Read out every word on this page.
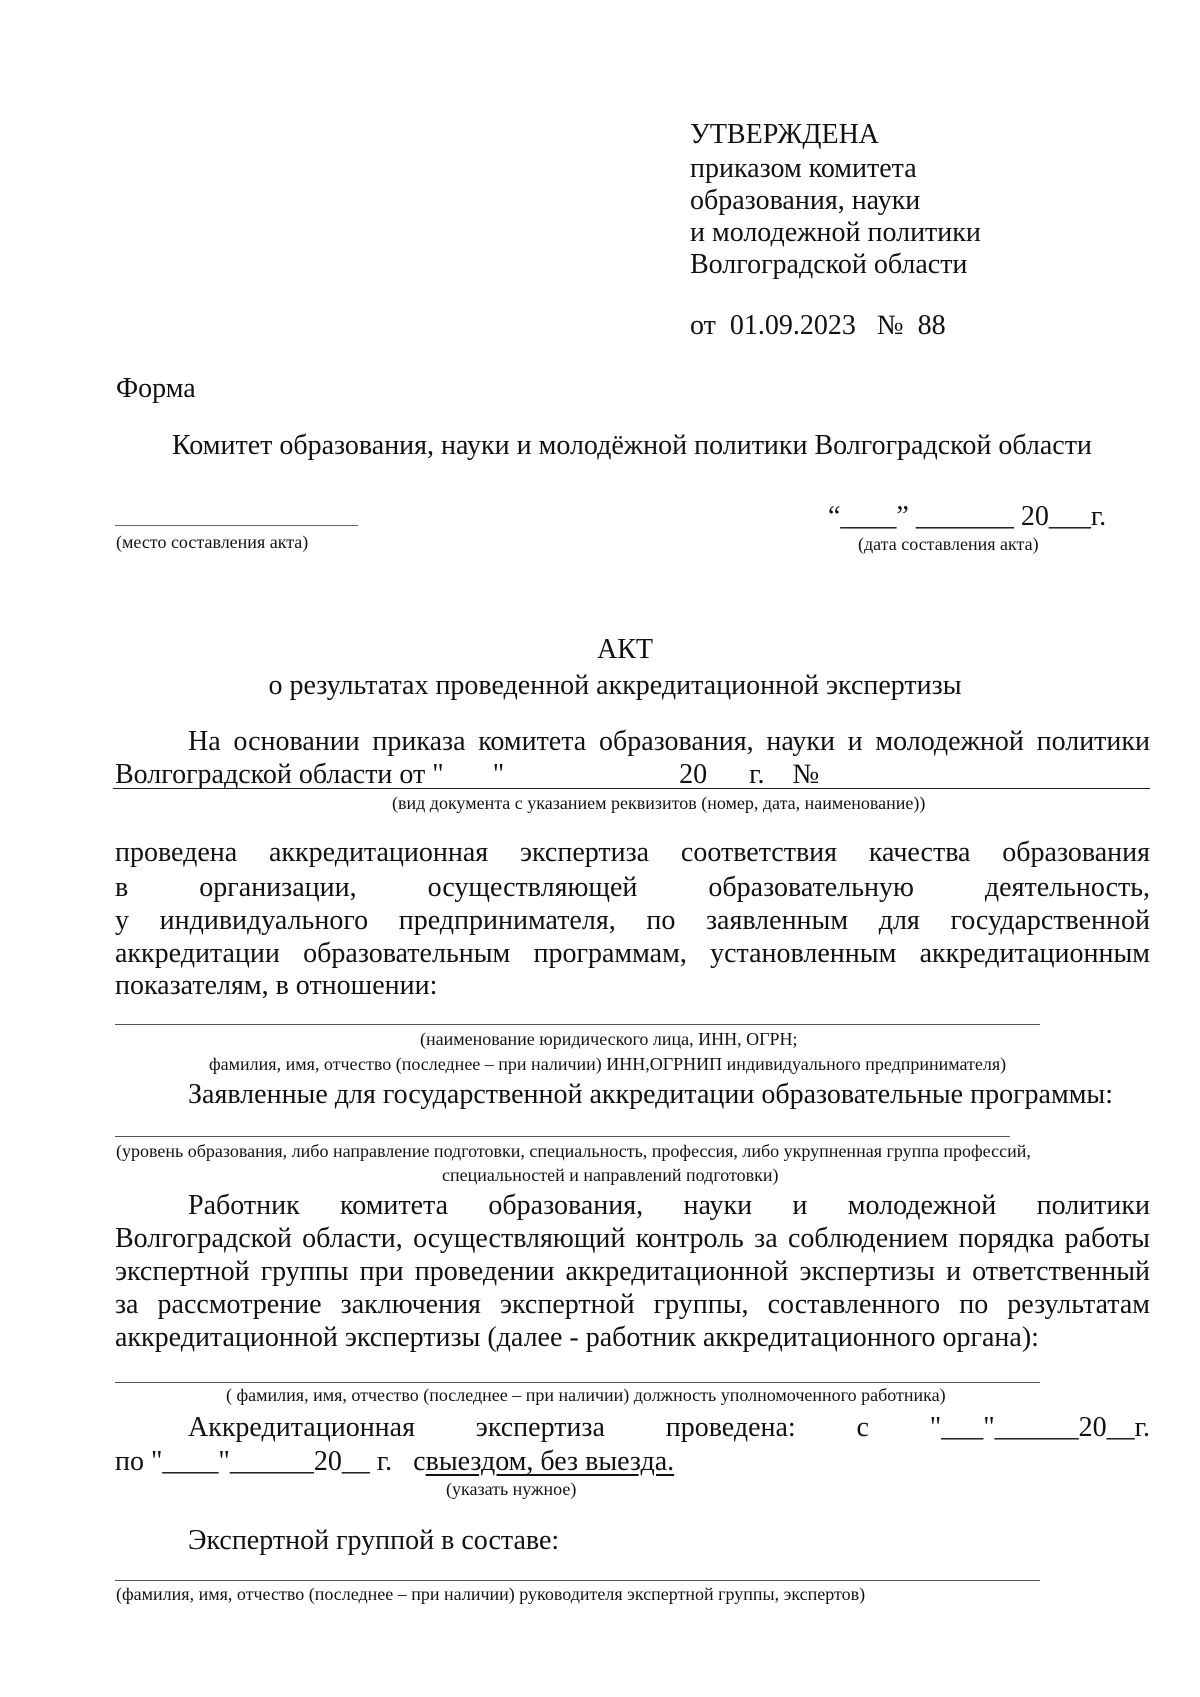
УТВЕРЖДЕНА
приказом комитета
образования, науки
и молодежной политики
Волгоградской области
от  01.09.2023   №  88
Форма
Комитет образования, науки и молодёжной политики Волгоградской области
(место составления акта)
“____” _______ 20___г.
(дата составления акта)
АКТ
о результатах проведенной аккредитационной экспертизы
На основании приказа комитета образования, науки и молодежной политики
Волгоградской области от "       "                         20      г.    №
(вид документа с указанием реквизитов (номер, дата, наименование))
проведена аккредитационная экспертиза соответствия качества образования
в организации, осуществляющей образовательную деятельность,
у индивидуального предпринимателя, по заявленным для государственной
аккредитации образовательным программам, установленным аккредитационным
показателям, в отношении:
(наименование юридического лица, ИНН, ОГРН;
фамилия, имя, отчество (последнее – при наличии) ИНН,ОГРНИП индивидуального предпринимателя)
Заявленные для государственной аккредитации образовательные программы:
(уровень образования, либо направление подготовки, специальность, профессия, либо укрупненная группа профессий,
специальностей и направлений подготовки)
Работник комитета образования, науки и молодежной политики
Волгоградской области, осуществляющий контроль за соблюдением порядка работы
экспертной группы при проведении аккредитационной экспертизы и ответственный
за рассмотрение заключения экспертной группы, составленного по результатам
аккредитационной экспертизы (далее - работник аккредитационного органа):
( фамилия, имя, отчество (последнее – при наличии) должность уполномоченного работника)
Аккредитационная экспертиза проведена: с "___"______20__г.
по "____"______20__ г.   свыездом, без выезда.
(указать нужное)
Экспертной группой в составе:
(фамилия, имя, отчество (последнее – при наличии) руководителя экспертной группы, экспертов)
